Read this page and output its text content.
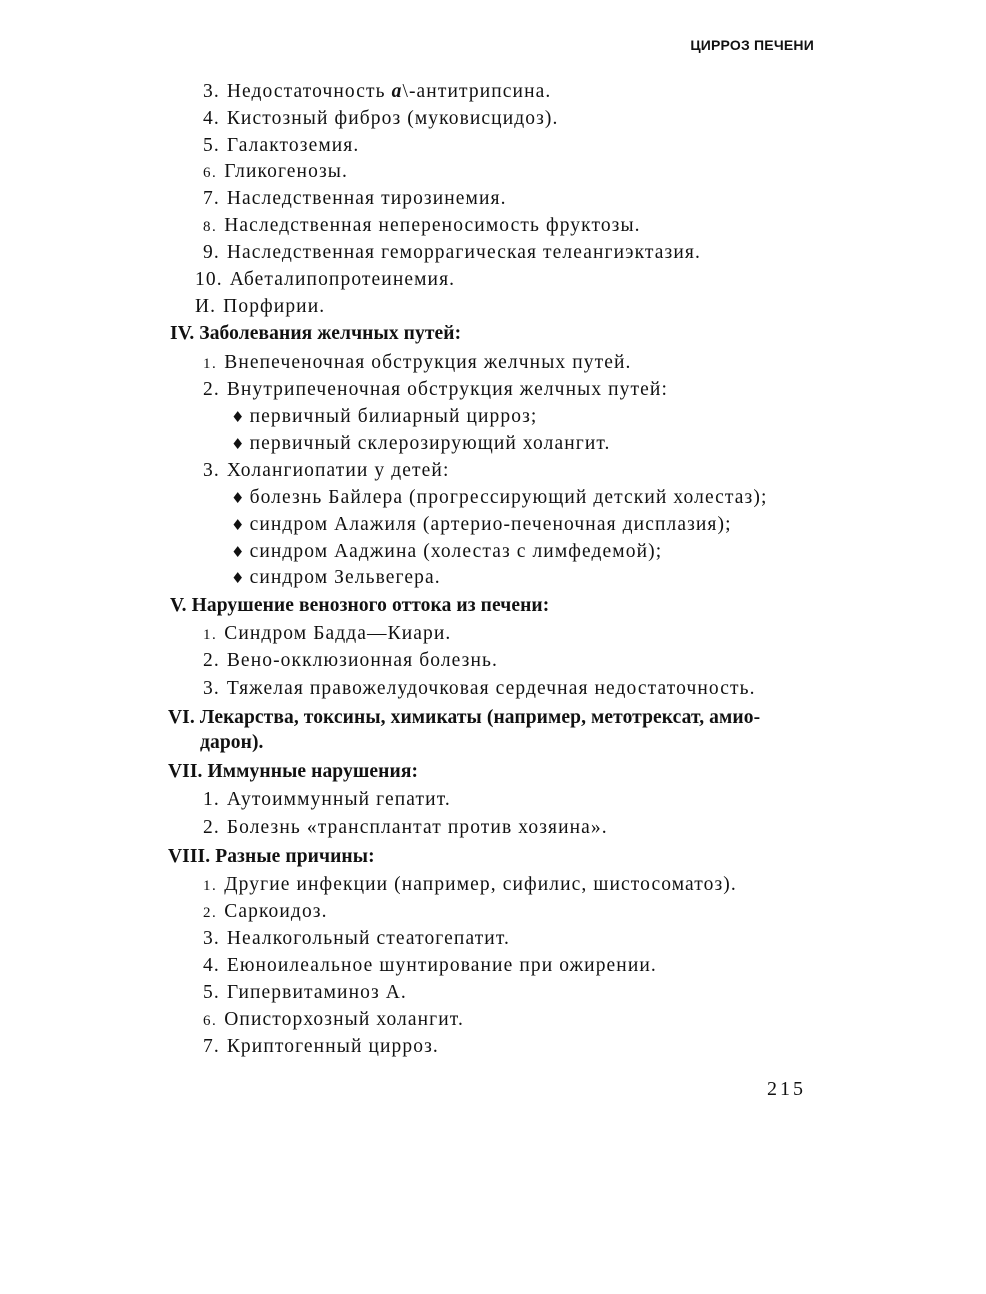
ЦИРРОЗ ПЕЧЕНИ
3. Недостаточность a\-антитрипсина.
4. Кистозный фиброз (муковисцидоз).
5. Галактоземия.
6. Гликогенозы.
7. Наследственная тирозинемия.
8. Наследственная непереносимость фруктозы.
9. Наследственная геморрагическая телеангиэктазия.
10. Абеталипопротеинемия.
И. Порфирии.
IV. Заболевания желчных путей:
1. Внепеченочная обструкция желчных путей.
2. Внутрипеченочная обструкция желчных путей:
♦ первичный билиарный цирроз;
♦ первичный склерозирующий холангит.
3. Холангиопатии у детей:
♦ болезнь Байлера (прогрессирующий детский холестаз);
♦ синдром Алажиля (артерио-печеночная дисплазия);
♦ синдром Ааджина (холестаз с лимфедемой);
♦ синдром Зельвегера.
V. Нарушение венозного оттока из печени:
1. Синдром Бадда—Киари.
2. Вено-окклюзионная болезнь.
3. Тяжелая правожелудочковая сердечная недостаточность.
VI. Лекарства, токсины, химикаты (например, метотрексат, амио-
дарон).
VII. Иммунные нарушения:
1. Аутоиммунный гепатит.
2. Болезнь «трансплантат против хозяина».
VIII. Разные причины:
1. Другие инфекции (например, сифилис, шистосоматоз).
2. Саркоидоз.
3. Неалкогольный стеатогепатит.
4. Еюноилеальное шунтирование при ожирении.
5. Гипервитаминоз А.
6. Описторхозный холангит.
7. Криптогенный цирроз.
215
